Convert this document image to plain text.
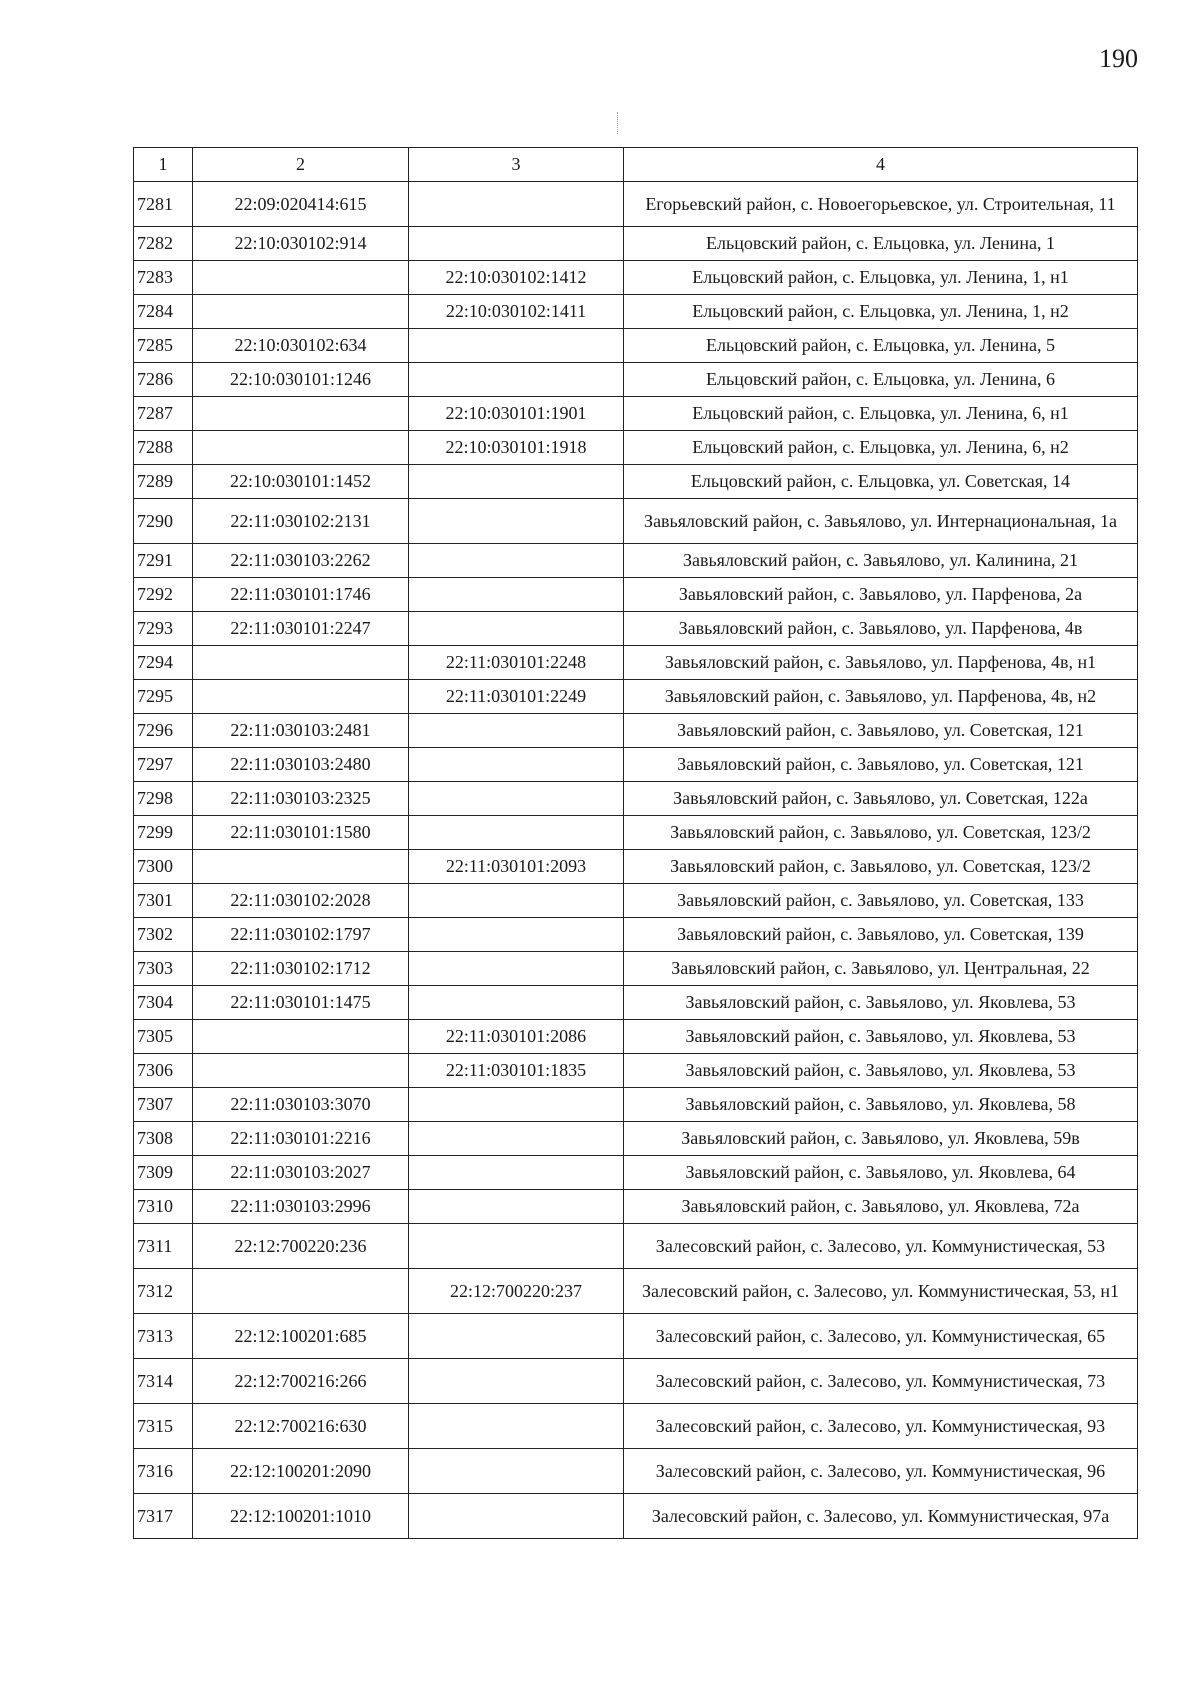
190
1	2	3	4
7281	22:09:020414:615		Егорьевский район, с. Новоегорьевское, ул. Строительная, 11
7282	22:10:030102:914		Ельцовский район, с. Ельцовка, ул. Ленина, 1
7283		22:10:030102:1412	Ельцовский район, с. Ельцовка, ул. Ленина, 1, н1
7284		22:10:030102:1411	Ельцовский район, с. Ельцовка, ул. Ленина, 1, н2
7285	22:10:030102:634		Ельцовский район, с. Ельцовка, ул. Ленина, 5
7286	22:10:030101:1246		Ельцовский район, с. Ельцовка, ул. Ленина, 6
7287		22:10:030101:1901	Ельцовский район, с. Ельцовка, ул. Ленина, 6, н1
7288		22:10:030101:1918	Ельцовский район, с. Ельцовка, ул. Ленина, 6, н2
7289	22:10:030101:1452		Ельцовский район, с. Ельцовка, ул. Советская, 14
7290	22:11:030102:2131		Завьяловский район, с. Завьялово, ул. Интернациональная, 1а
7291	22:11:030103:2262		Завьяловский район, с. Завьялово, ул. Калинина, 21
7292	22:11:030101:1746		Завьяловский район, с. Завьялово, ул. Парфенова, 2а
7293	22:11:030101:2247		Завьяловский район, с. Завьялово, ул. Парфенова, 4в
7294		22:11:030101:2248	Завьяловский район, с. Завьялово, ул. Парфенова, 4в, н1
7295		22:11:030101:2249	Завьяловский район, с. Завьялово, ул. Парфенова, 4в, н2
7296	22:11:030103:2481		Завьяловский район, с. Завьялово, ул. Советская, 121
7297	22:11:030103:2480		Завьяловский район, с. Завьялово, ул. Советская, 121
7298	22:11:030103:2325		Завьяловский район, с. Завьялово, ул. Советская, 122а
7299	22:11:030101:1580		Завьяловский район, с. Завьялово, ул. Советская, 123/2
7300		22:11:030101:2093	Завьяловский район, с. Завьялово, ул. Советская, 123/2
7301	22:11:030102:2028		Завьяловский район, с. Завьялово, ул. Советская, 133
7302	22:11:030102:1797		Завьяловский район, с. Завьялово, ул. Советская, 139
7303	22:11:030102:1712		Завьяловский район, с. Завьялово, ул. Центральная, 22
7304	22:11:030101:1475		Завьяловский район, с. Завьялово, ул. Яковлева, 53
7305		22:11:030101:2086	Завьяловский район, с. Завьялово, ул. Яковлева, 53
7306		22:11:030101:1835	Завьяловский район, с. Завьялово, ул. Яковлева, 53
7307	22:11:030103:3070		Завьяловский район, с. Завьялово, ул. Яковлева, 58
7308	22:11:030101:2216		Завьяловский район, с. Завьялово, ул. Яковлева, 59в
7309	22:11:030103:2027		Завьяловский район, с. Завьялово, ул. Яковлева, 64
7310	22:11:030103:2996		Завьяловский район, с. Завьялово, ул. Яковлева, 72а
7311	22:12:700220:236		Залесовский район, с. Залесово, ул. Коммунистическая, 53
7312		22:12:700220:237	Залесовский район, с. Залесово, ул. Коммунистическая, 53, н1
7313	22:12:100201:685		Залесовский район, с. Залесово, ул. Коммунистическая, 65
7314	22:12:700216:266		Залесовский район, с. Залесово, ул. Коммунистическая, 73
7315	22:12:700216:630		Залесовский район, с. Залесово, ул. Коммунистическая, 93
7316	22:12:100201:2090		Залесовский район, с. Залесово, ул. Коммунистическая, 96
7317	22:12:100201:1010		Залесовский район, с. Залесово, ул. Коммунистическая, 97а
